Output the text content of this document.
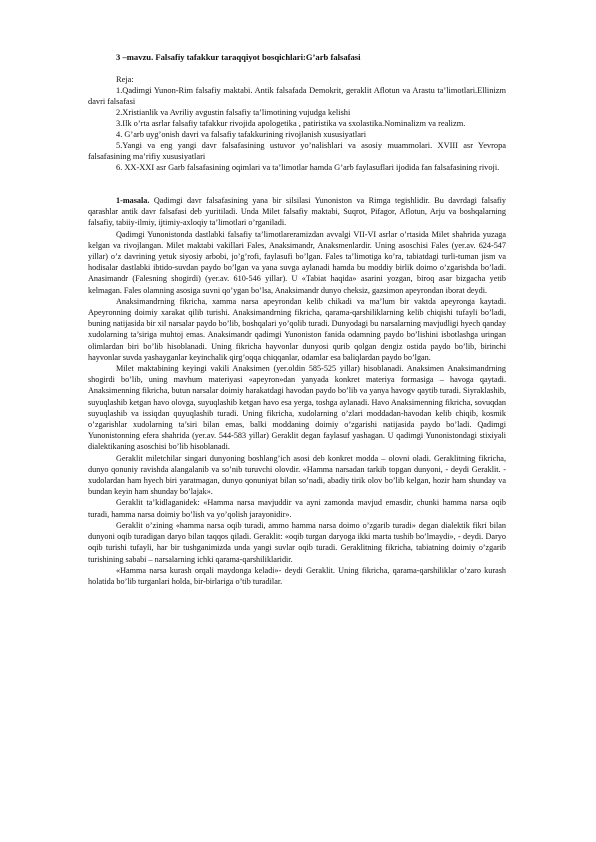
3 –mavzu. Falsafiy tafakkur taraqqiyot bosqichlari:G’arb falsafasi

Reja:

1.Qadimgi Yunon-Rim falsafiy maktabi. Antik falsafada Demokrit, geraklit Aflotun va Arastu ta’limotlari.Ellinizm davri falsafasi
2.Xristianlik va Avriliy avgustin falsafiy ta’limotining vujudga kelishi
3.Ilk o’rta asrlar falsafiy tafakkur rivojida apologetika , patiristika va sxolastika.Nominalizm va realizm.
4. G’arb uyg’onish davri va falsafiy tafakkurining rivojlanish xususiyatlari
5.Yangi va eng yangi davr falsafasining ustuvor yo’nalishlari va asosiy muammolari. XVIII asr Yevropa falsafasining ma’rifiy xususiyatlari
6. XX-XXI asr Garb falsafasining oqimlari va ta’limotlar hamda G’arb faylasuflari ijodida fan falsafasining rivoji.

1-masala. Qadimgi davr falsafasining yana bir silsilasi Yunoniston va Rimga tegishlidir. Bu davrdagi falsafiy qarashlar antik davr falsafasi deb yuritiladi. Unda Milet falsafiy maktabi, Suqrot, Pifagor, Aflotun, Arju va boshqalarning falsafiy, tabiiy-ilmiy, ijtimiy-axloqiy ta’limotlari o’rganiladi.

Qadimgi Yunonistonda dastlabki falsafiy ta’limotlareramizdan avvalgi VII-VI asrlar o’rtasida Milet shahrida yuzaga kelgan va rivojlangan. Milet maktabi vakillari Fales, Anaksimandr, Anaksmenlardir. Uning asoschisi Fales (yer.av. 624-547 yillar) o’z davrining yetuk siyosiy arbobi, jo’g’rofi, faylasufi bo’lgan. Fales ta’limotiga ko’ra, tabiatdagi turli-tuman jism va hodisalar dastlabki ibtido-suvdan paydo bo’lgan va yana suvga aylanadi hamda bu moddiy birlik doimo o’zgarishda bo’ladi. Anasimandr (Falesning shogirdi) (yer.av. 610-546 yillar). U «Tabiat haqida» asarini yozgan, biroq asar bizgacha yetib kelmagan. Fales olamning asosiga suvni qo’ygan bo’lsa, Anaksimandr dunyo cheksiz, gazsimon apeyrondan iborat deydi.

Anaksimandrning fikricha, xamma narsa apeyrondan kelib chikadi va ma’lum bir vaktda apeyronga kaytadi. Apeyronning doimiy xarakat qilib turishi. Anaksimandrning fikricha, qarama-qarshiliklarning kelib chiqishi tufayli bo’ladi, buning natijasida bir xil narsalar paydo bo’lib, boshqalari yo’qolib turadi. Dunyodagi bu narsalarning mavjudligi hyech qanday xudolarning ta’siriga muhtoj emas. Anaksimandr qadimgi Yunoniston fanida odamning paydo bo’lishini isbotlashga uringan olimlardan biri bo’lib hisoblanadi. Uning fikricha hayvonlar dunyosi qurib qolgan dengiz ostida paydo bo’lib, birinchi hayvonlar suvda yashayganlar keyinchalik qirg’oqqa chiqqanlar, odamlar esa baliqlardan paydo bo’lgan.

Milet maktabining keyingi vakili Anaksimen (yer.oldin 585-525 yillar) hisoblanadi. Anaksimen Anaksimandrning shogirdi bo’lib, uning mavhum materiyasi «apeyron»dan yanyada konkret materiya formasiga – havoga qaytadi. Anaksimenning fikricha, butun narsalar doimiy harakatdagi havodan paydo bo’lib va yanya havogv qaytib turadi. Siyraklashib, suyuqlashib ketgan havo olovga, suyuqlashib ketgan havo esa yerga, toshga aylanadi. Havo Anaksimenning fikricha, sovuqdan suyuqlashib va issiqdan quyuqlashib turadi. Uning fikricha, xudolarning o’zlari moddadan-havodan kelib chiqib, kosmik o’zgarishlar xudolarning ta’siri bilan emas, balki moddaning doimiy o’zgarishi natijasida paydo bo’ladi. Qadimgi Yunonistonning efera shahrida (yer.av. 544-583 yillar) Geraklit degan faylasuf yashagan. U qadimgi Yunonistondagi stixiyali dialektikaning asoschisi bo’lib hisoblanadi.

Geraklit miletchilar singari dunyoning boshlang’ich asosi deb konkret modda – olovni oladi. Geraklitning fikricha, dunyo qonuniy ravishda alangalanib va so’nib turuvchi olovdir. «Hamma narsadan tarkib topgan dunyoni, - deydi Geraklit. - xudolardan ham hyech biri yaratmagan, dunyo qonuniyat bilan so’nadi, abadiy tirik olov bo’lib kelgan, hozir ham shunday va bundan keyin ham shunday bo’lajak».

Geraklit ta’kidlaganidek: «Hamma narsa mavjuddir va ayni zamonda mavjud emasdir, chunki hamma narsa oqib turadi, hamma narsa doimiy bo’lish va yo’qolish jarayonidir».

Geraklit o’zining «hamma narsa oqib turadi, ammo hamma narsa doimo o’zgarib turadi» degan dialektik fikri bilan dunyoni oqib turadigan daryo bilan taqqos qiladi. Geraklit: «oqib turgan daryoga ikki marta tushib bo’lmaydi», - deydi. Daryo oqib turishi tufayli, har bir tushganimizda unda yangi suvlar oqib turadi. Geraklitning fikricha, tabiatning doimiy o’zgarib turishining sababi – narsalarning ichki qarama-qarshiliklaridir.

«Hamma narsa kurash orqali maydonga keladi»- deydi Geraklit. Uning fikricha, qarama-qarshiliklar o’zaro kurash holatida bo’lib turganlari holda, bir-birlariga o’tib turadilar.
